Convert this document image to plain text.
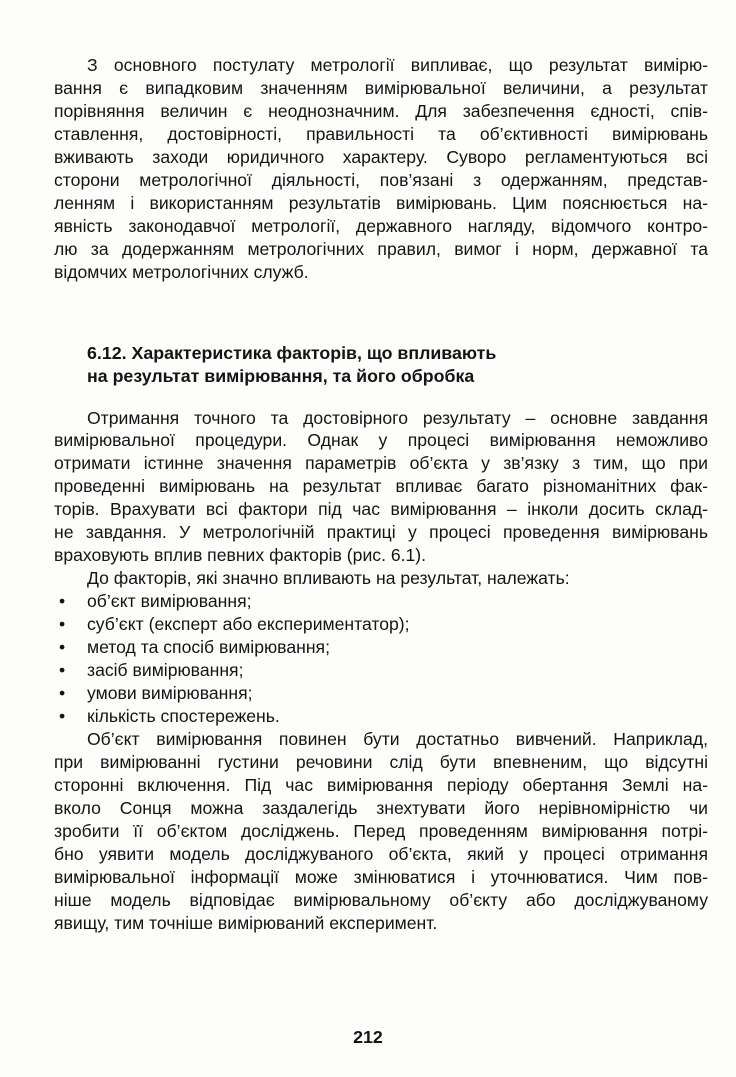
З основного постулату метрології випливає, що результат вимірю-
вання є випадковим значенням вимірювальної величини, а результат
порівняння величин є неоднозначним. Для забезпечення єдності, спів-
ставлення, достовірності, правильності та об’єктивності вимірювань
вживають заходи юридичного характеру. Суворо регламентуються всі
сторони метрологічної діяльності, пов’язані з одержанням, представ-
ленням і використанням результатів вимірювань. Цим пояснюється на-
явність законодавчої метрології, державного нагляду, відомчого контро-
лю за додержанням метрологічних правил, вимог і норм, державної та
відомчих метрологічних служб.
6.12. Характеристика факторів, що впливають
на результат вимірювання, та його обробка
Отримання точного та достовірного результату – основне завдання
вимірювальної процедури. Однак у процесі вимірювання неможливо
отримати істинне значення параметрів об’єкта у зв’язку з тим, що при
проведенні вимірювань на результат впливає багато різноманітних фак-
торів. Врахувати всі фактори під час вимірювання – інколи досить склад-
не завдання. У метрологічній практиці у процесі проведення вимірювань
враховують вплив певних факторів (рис. 6.1).
До факторів, які значно впливають на результат, належать:
• об’єкт вимірювання;
• суб’єкт (експерт або експериментатор);
• метод та спосіб вимірювання;
• засіб вимірювання;
• умови вимірювання;
• кількість спостережень.
Об’єкт вимірювання повинен бути достатньо вивчений. Наприклад,
при вимірюванні густини речовини слід бути впевненим, що відсутні
сторонні включення. Під час вимірювання періоду обертання Землі на-
вколо Сонця можна заздалегідь знехтувати його нерівномірністю чи
зробити її об’єктом досліджень. Перед проведенням вимірювання потрі-
бно уявити модель досліджуваного об’єкта, який у процесі отримання
вимірювальної інформації може змінюватися і уточнюватися. Чим пов-
ніше модель відповідає вимірювальному об’єкту або досліджуваному
явищу, тим точніше вимірюваний експеримент.
212
